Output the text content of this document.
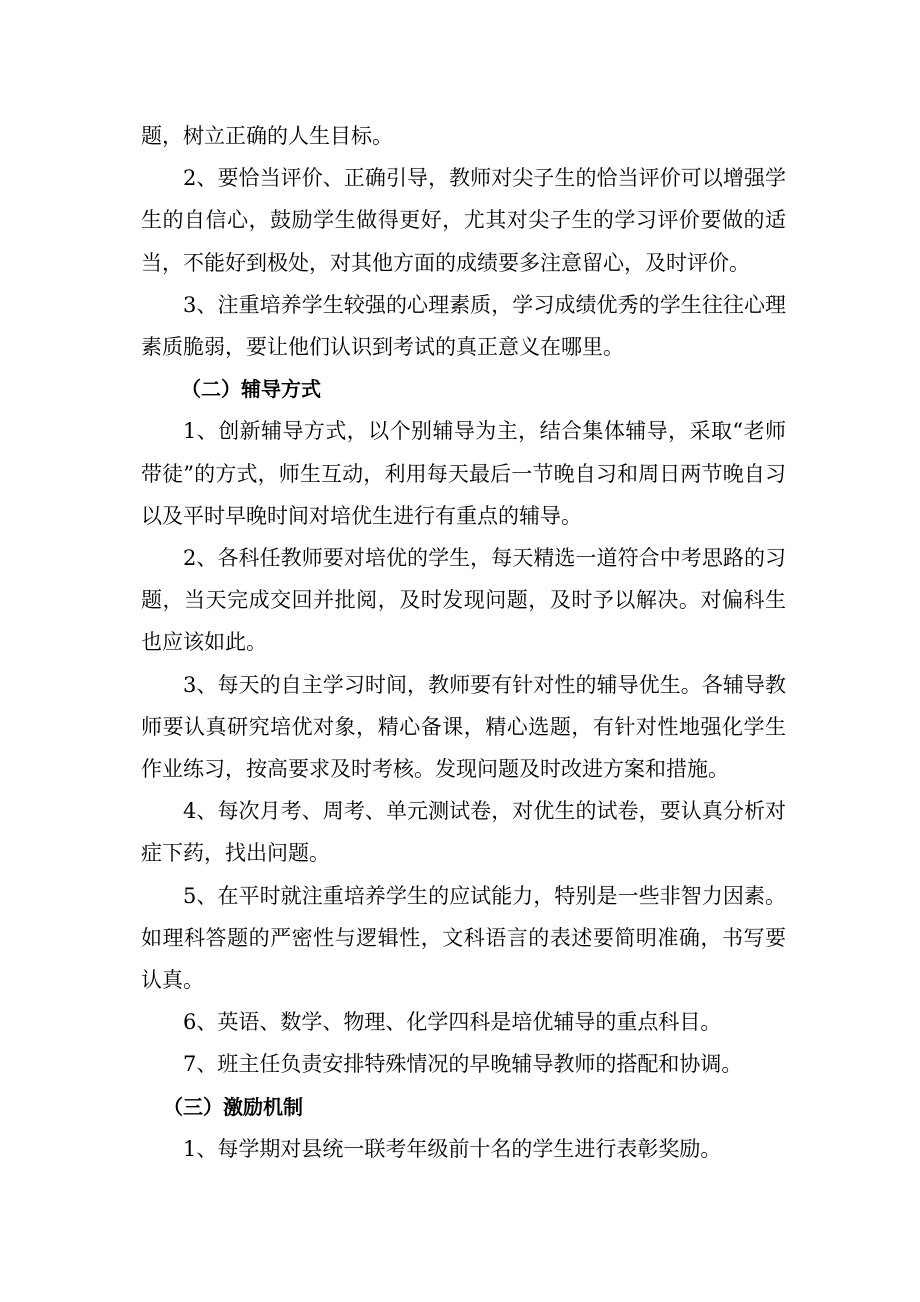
题，树立正确的人生目标。

2、要恰当评价、正确引导，教师对尖子生的恰当评价可以增强学生的自信心，鼓励学生做得更好，尤其对尖子生的学习评价要做的适当，不能好到极处，对其他方面的成绩要多注意留心，及时评价。

3、注重培养学生较强的心理素质，学习成绩优秀的学生往往心理素质脆弱，要让他们认识到考试的真正意义在哪里。

（二）辅导方式

1、创新辅导方式，以个别辅导为主，结合集体辅导，采取“老师带徒”的方式，师生互动，利用每天最后一节晚自习和周日两节晚自习以及平时早晚时间对培优生进行有重点的辅导。

2、各科任教师要对培优的学生，每天精选一道符合中考思路的习题，当天完成交回并批阅，及时发现问题，及时予以解决。对偏科生也应该如此。

3、每天的自主学习时间，教师要有针对性的辅导优生。各辅导教师要认真研究培优对象，精心备课，精心选题，有针对性地强化学生作业练习，按高要求及时考核。发现问题及时改进方案和措施。

4、每次月考、周考、单元测试卷，对优生的试卷，要认真分析对症下药，找出问题。

5、在平时就注重培养学生的应试能力，特别是一些非智力因素。如理科答题的严密性与逻辑性，文科语言的表述要简明准确，书写要认真。

6、英语、数学、物理、化学四科是培优辅导的重点科目。

7、班主任负责安排特殊情况的早晚辅导教师的搭配和协调。

（三）激励机制

1、每学期对县统一联考年级前十名的学生进行表彰奖励。
